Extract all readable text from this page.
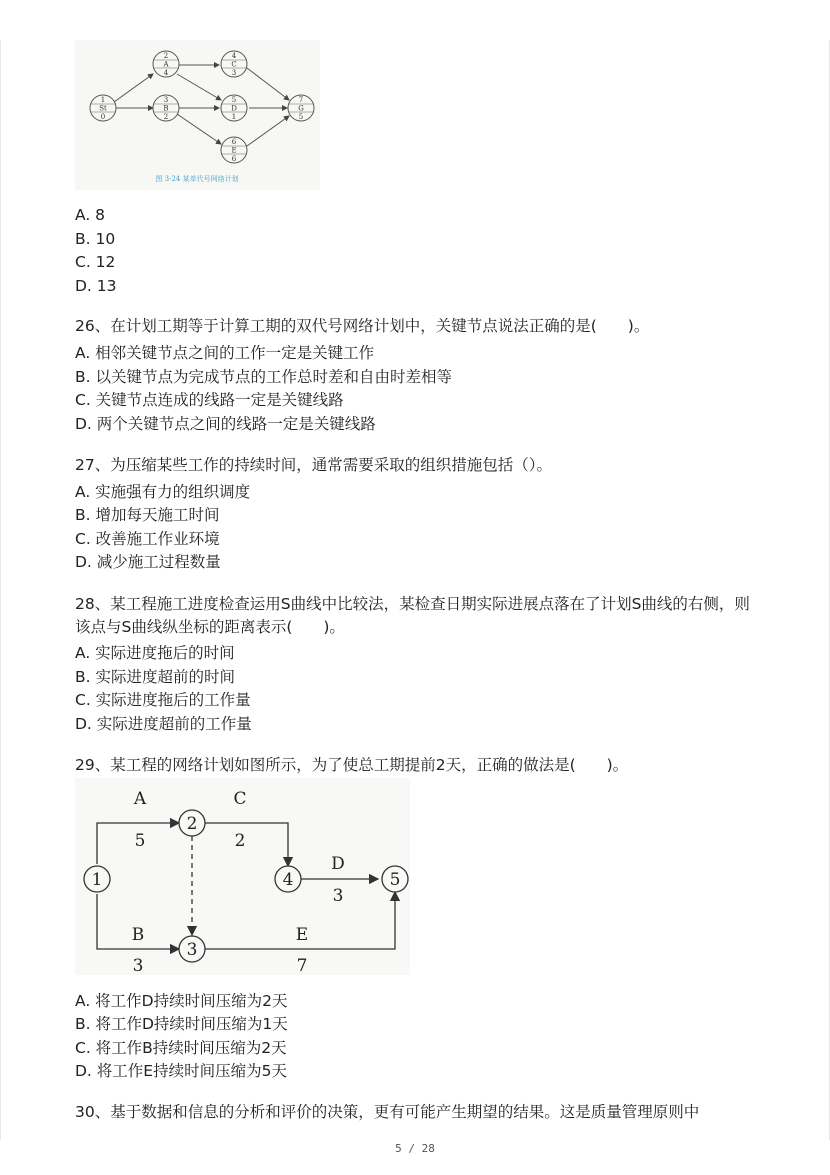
1
St
0
2
A
4
3
B
2
4
C
3
5
D
1
6
E
6
7
G
5
图 3-24 某单代号网络计划
A. 8
B. 10
C. 12
D. 13
26、在计划工期等于计算工期的双代号网络计划中，关键节点说法正确的是(　　)。
A. 相邻关键节点之间的工作一定是关键工作
B. 以关键节点为完成节点的工作总时差和自由时差相等
C. 关键节点连成的线路一定是关键线路
D. 两个关键节点之间的线路一定是关键线路
27、为压缩某些工作的持续时间，通常需要采取的组织措施包括（）。
A. 实施强有力的组织调度
B. 增加每天施工时间
C. 改善施工作业环境
D. 减少施工过程数量
28、某工程施工进度检查运用S曲线中比较法，某检查日期实际进展点落在了计划S曲线的右侧，则该点与S曲线纵坐标的距离表示(　　)。
A. 实际进度拖后的时间
B. 实际进度超前的时间
C. 实际进度拖后的工作量
D. 实际进度超前的工作量
29、某工程的网络计划如图所示，为了使总工期提前2天，正确的做法是(　　)。
1
2
3
4	5
A
5
C
2
D
3
B
3
E
7
A. 将工作D持续时间压缩为2天
B. 将工作D持续时间压缩为1天
C. 将工作B持续时间压缩为2天
D. 将工作E持续时间压缩为5天
30、基于数据和信息的分析和评价的决策，更有可能产生期望的结果。这是质量管理原则中
5 / 28
